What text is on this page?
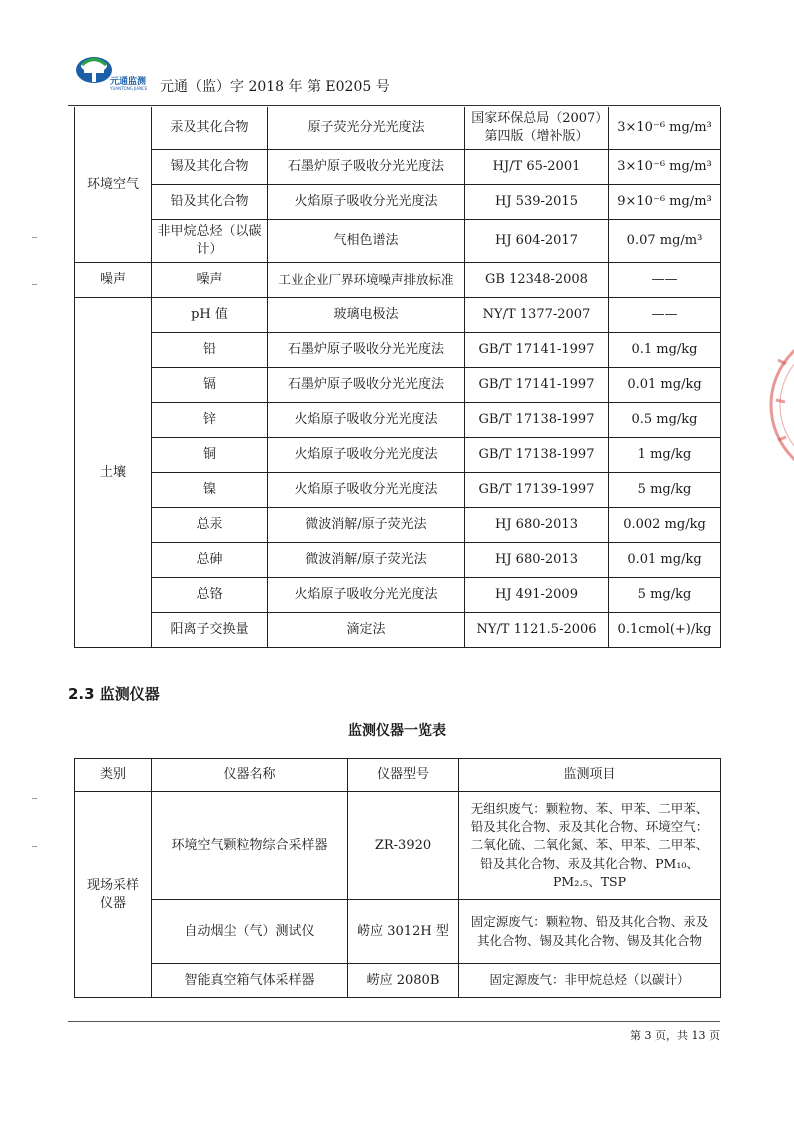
元通监测
YUANTONG JIANCE 元通（监）字 2018 年 第 E0205 号
环境空气	汞及其化合物	原子荧光分光光度法	国家环保总局（2007）第四版（增补版）	3×10⁻⁶ mg/m³
	锡及其化合物	石墨炉原子吸收分光光度法	HJ/T 65-2001	3×10⁻⁶ mg/m³
	铅及其化合物	火焰原子吸收分光光度法	HJ 539-2015	9×10⁻⁶ mg/m³
	非甲烷总烃（以碳计）	气相色谱法	HJ 604-2017	0.07 mg/m³
噪声	噪声	工业企业厂界环境噪声排放标准	GB 12348-2008	——
土壤	pH 值	玻璃电极法	NY/T 1377-2007	——
	铅	石墨炉原子吸收分光光度法	GB/T 17141-1997	0.1 mg/kg
	镉	石墨炉原子吸收分光光度法	GB/T 17141-1997	0.01 mg/kg
	锌	火焰原子吸收分光光度法	GB/T 17138-1997	0.5 mg/kg
	铜	火焰原子吸收分光光度法	GB/T 17138-1997	1 mg/kg
	镍	火焰原子吸收分光光度法	GB/T 17139-1997	5 mg/kg
	总汞	微波消解/原子荧光法	HJ 680-2013	0.002 mg/kg
	总砷	微波消解/原子荧光法	HJ 680-2013	0.01 mg/kg
	总铬	火焰原子吸收分光光度法	HJ 491-2009	5 mg/kg
	阳离子交换量	滴定法	NY/T 1121.5-2006	0.1cmol(+)/kg
2.3 监测仪器
监测仪器一览表
类别	仪器名称	仪器型号	监测项目
现场采样仪器	环境空气颗粒物综合采样器	ZR-3920	无组织废气：颗粒物、苯、甲苯、二甲苯、铅及其化合物、汞及其化合物、环境空气：二氧化硫、二氧化氮、苯、甲苯、二甲苯、铅及其化合物、汞及其化合物、PM₁₀、PM₂.₅、TSP
	自动烟尘（气）测试仪	崂应 3012H 型	固定源废气：颗粒物、铅及其化合物、汞及其化合物、锡及其化合物、锡及其化合物
	智能真空箱气体采样器	崂应 2080B	固定源废气：非甲烷总烃（以碳计）
第 3 页，共 13 页
